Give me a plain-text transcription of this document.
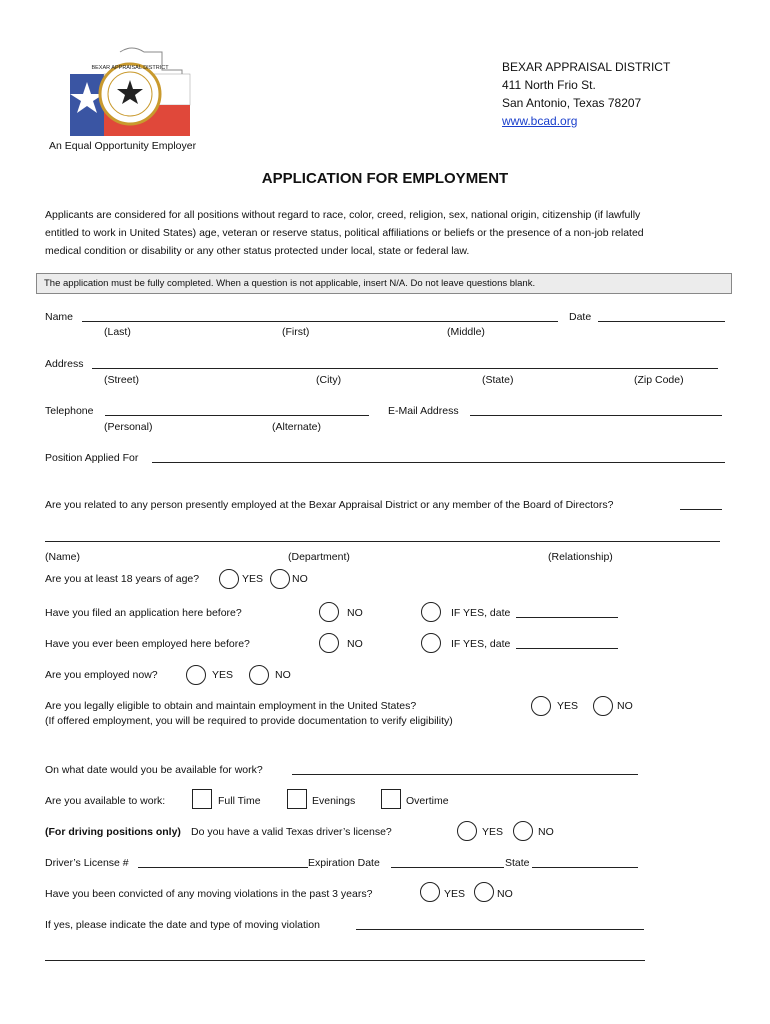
BEXAR APPRAISAL DISTRICT	BEXAR APPRAISAL DISTRICT
411 North Frio St.
San Antonio, Texas 78207
www.bcad.org
An Equal Opportunity Employer
APPLICATION FOR EMPLOYMENT
Applicants are considered for all positions without regard to race, color, creed, religion, sex, national origin, citizenship (if lawfully
entitled to work in United States) age, veteran or reserve status, political affiliations or beliefs or the presence of a non-job related
medical condition or disability or any other status protected under local, state or federal law.
The application must be fully completed. When a question is not applicable, insert N/A. Do not leave questions blank.
Name	Date
(Last)	(First)	(Middle)
Address
(Street)	(City)	(State)	(Zip Code)
Telephone	E-Mail Address
(Personal)	(Alternate)
Position Applied For
Are you related to any person presently employed at the Bexar Appraisal District or any member of the Board of Directors?
(Name)	(Department)	(Relationship)
Are you at least 18 years of age?	YES	NO
Have you filed an application here before?	NO	IF YES, date
Have you ever been employed here before?	NO	IF YES, date
Are you employed now?	YES	NO
Are you legally eligible to obtain and maintain employment in the United States?
(If offered employment, you will be required to provide documentation to verify eligibility)
YES	NO
On what date would you be available for work?
Are you available to work:	Full Time	Evenings	Overtime
(For driving positions only) Do you have a valid Texas driver’s license?	YES	NO
Driver’s License #	Expiration Date	State
Have you been convicted of any moving violations in the past 3 years?	YES	NO
If yes, please indicate the date and type of moving violation
